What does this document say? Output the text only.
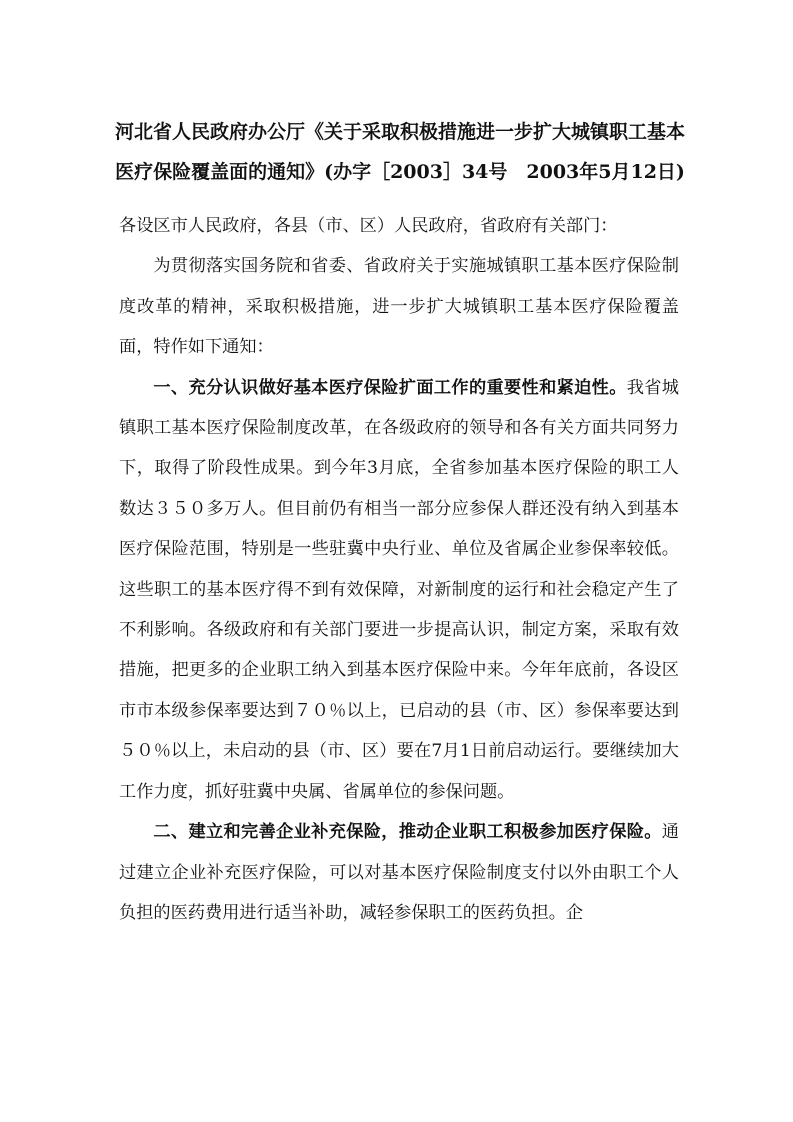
河北省人民政府办公厅《关于采取积极措施进一步扩大城镇职工基本
医疗保险覆盖面的通知》(办字［2003］34号　2003年5月12日)

各设区市人民政府，各县（市、区）人民政府，省政府有关部门：

为贯彻落实国务院和省委、省政府关于实施城镇职工基本医疗保险制度改革的精神，采取积极措施，进一步扩大城镇职工基本医疗保险覆盖面，特作如下通知：

一、充分认识做好基本医疗保险扩面工作的重要性和紧迫性。我省城镇职工基本医疗保险制度改革，在各级政府的领导和各有关方面共同努力下，取得了阶段性成果。到今年3月底，全省参加基本医疗保险的职工人数达３５０多万人。但目前仍有相当一部分应参保人群还没有纳入到基本医疗保险范围，特别是一些驻冀中央行业、单位及省属企业参保率较低。这些职工的基本医疗得不到有效保障，对新制度的运行和社会稳定产生了不利影响。各级政府和有关部门要进一步提高认识，制定方案，采取有效措施，把更多的企业职工纳入到基本医疗保险中来。今年年底前，各设区市市本级参保率要达到７０％以上，已启动的县（市、区）参保率要达到５０％以上，未启动的县（市、区）要在7月1日前启动运行。要继续加大工作力度，抓好驻冀中央属、省属单位的参保问题。

二、建立和完善企业补充保险，推动企业职工积极参加医疗保险。通过建立企业补充医疗保险，可以对基本医疗保险制度支付以外由职工个人负担的医药费用进行适当补助，减轻参保职工的医药负担。企
